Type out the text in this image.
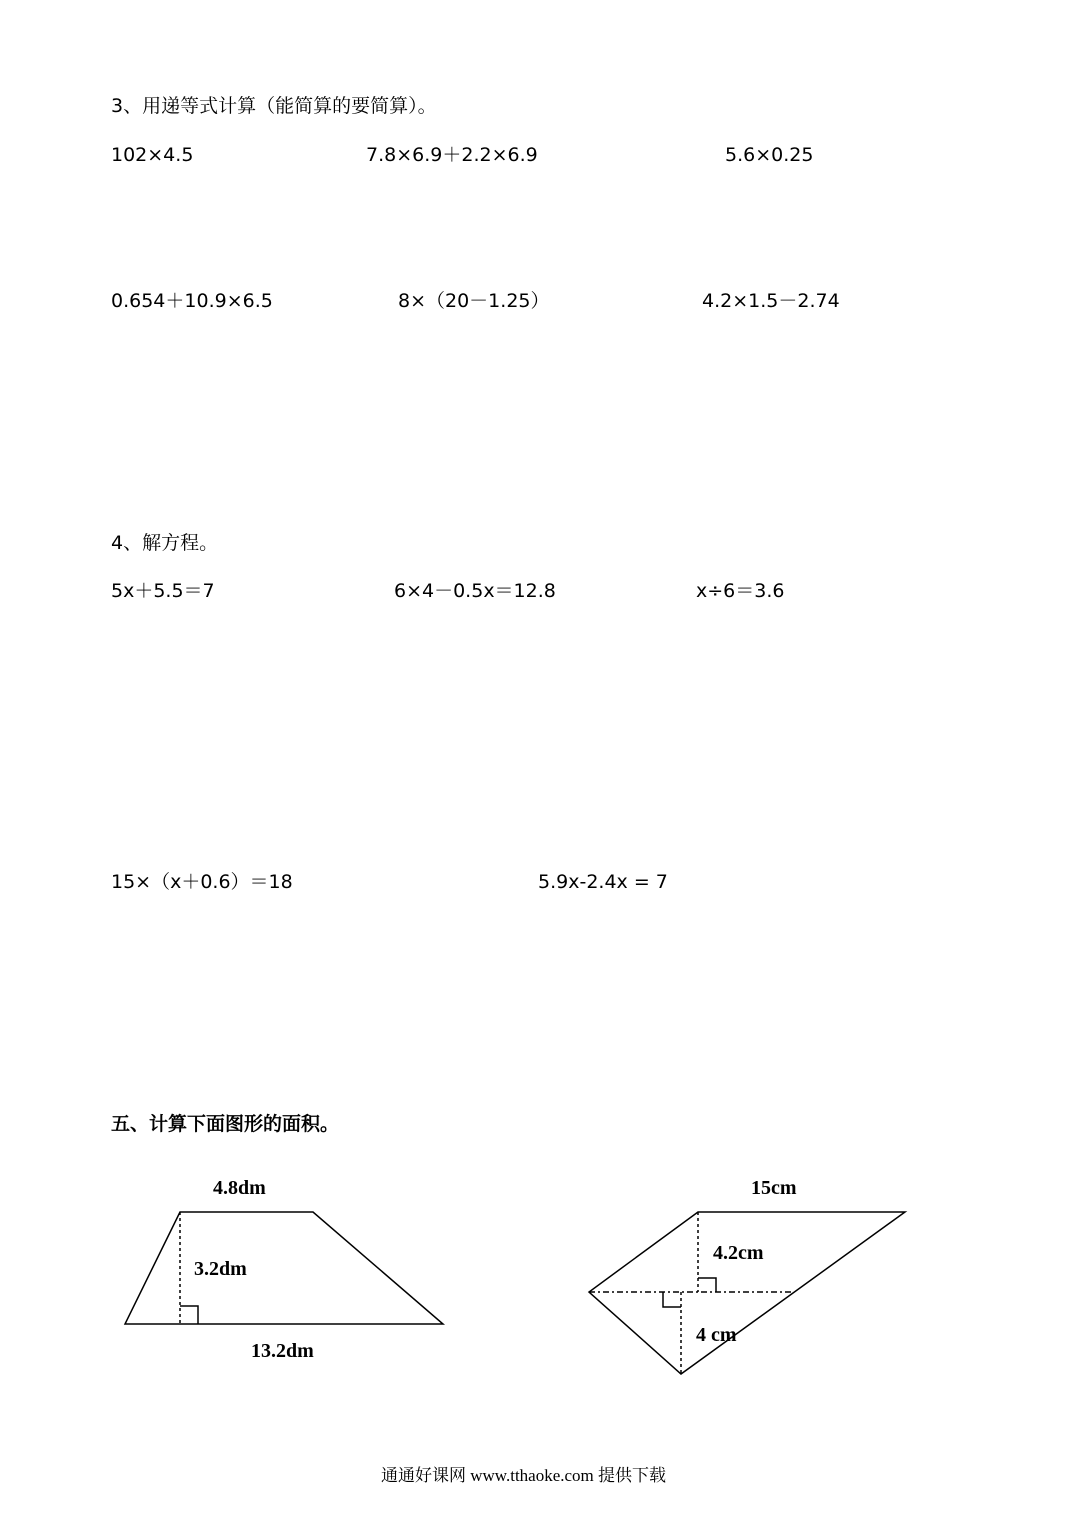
3、用递等式计算（能简算的要简算）。
102×4.5	7.8×6.9＋2.2×6.9	5.6×0.25
0.654＋10.9×6.5	8×（20－1.25）	4.2×1.5－2.74
4、解方程。
5x＋5.5＝7	6×4－0.5x＝12.8	x÷6＝3.6
15×（x＋0.6）＝18	5.9x-2.4x = 7
五、计算下面图形的面积。
4.8dm
3.2dm
13.2dm
15cm
4.2cm
4 cm
通通好课网 www.tthaoke.com 提供下载
